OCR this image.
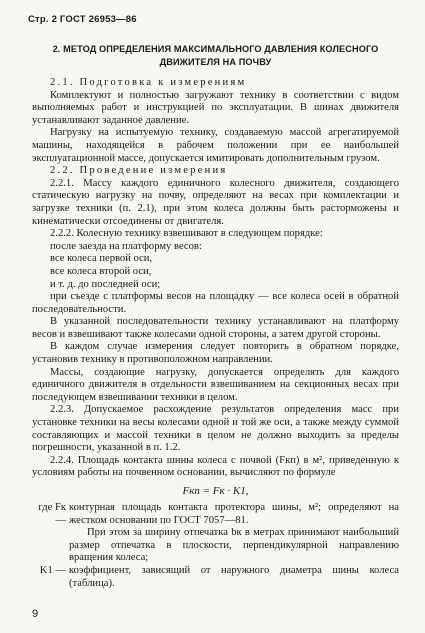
Стр. 2 ГОСТ 26953—86
2. МЕТОД ОПРЕДЕЛЕНИЯ МАКСИМАЛЬНОГО ДАВЛЕНИЯ КОЛЕСНОГО ДВИЖИТЕЛЯ НА ПОЧВУ

2.1. Подготовка к измерениям

Комплектуют и полностью загружают технику в соответствии с видом выполняемых работ и инструкцией по эксплуатации. В шинах движителя устанавливают заданное давление.

Нагрузку на испытуемую технику, создаваемую массой агрегатируемой машины, находящейся в рабочем положении при ее наибольшей эксплуатационной массе, допускается имитировать дополнительным грузом.

2.2. Проведение измерения

2.2.1. Массу каждого единичного колесного движителя, создающего статическую нагрузку на почву, определяют на весах при комплектации и загрузке техники (п. 2.1), при этом колеса должны быть расторможены и кинематически отсоединены от двигателя.

2.2.2. Колесную технику взвешивают в следующем порядке:

после заезда на платформу весов:

все колеса первой оси,

все колеса второй оси,

и т. д. до последней оси;

при съезде с платформы весов на площадку — все колеса осей в обратной последовательности.

В указанной последовательности технику устанавливают на платформу весов и взвешивают также колесами одной стороны, а затем другой стороны.

В каждом случае измерения следует повторить в обратном порядке, установив технику в противоположном направлении.

Массы, создающие нагрузку, допускается определять для каждого единичного движителя в отдельности взвешиванием на секционных весах при последующем взвешивании техники в целом.

2.2.3. Допускаемое расхождение результатов определения масс при установке техники на весы колесами одной и той же оси, а также между суммой составляющих и массой техники в целом не должно выходить за пределы погрешности, указанной в п. 1.2.

2.2.4. Площадь контакта шины колеса с почвой (Fкп) в м², приведенную к условиям работы на почвенном основании, вычисляют по формуле

Fкп = Fк · K1,
где Fк —

контурная площадь контакта протектора шины, м²; определяют на жестком основании по ГОСТ 7057—81.

При этом за ширину отпечатка bк в метрах принимают наибольший размер отпечатка в плоскости, перпендикулярной направлению вращения колеса;

K1 — коэффициент, зависящий от наружного диаметра шины колеса (таблица).

9
